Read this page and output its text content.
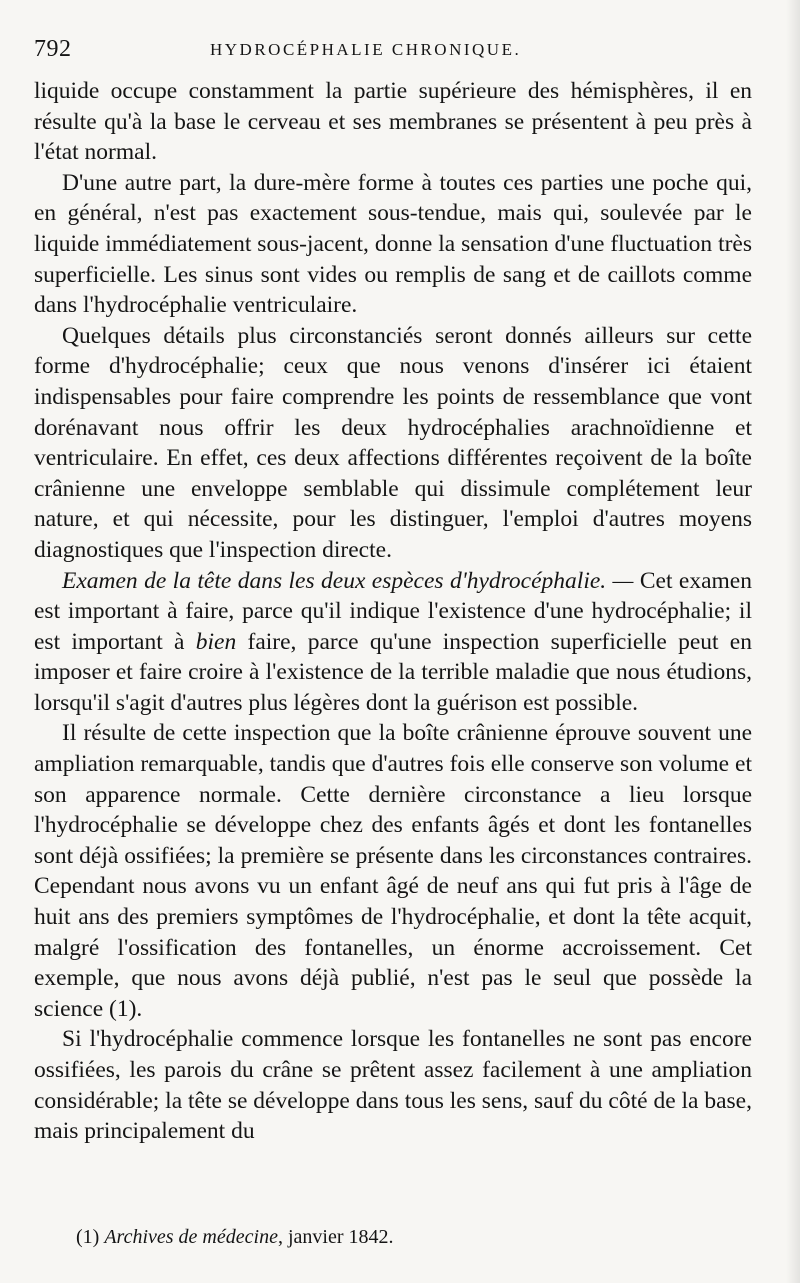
792	HYDROCÉPHALIE CHRONIQUE.

liquide occupe constamment la partie supérieure des hémisphères, il en résulte qu'à la base le cerveau et ses membranes se présentent à peu près à l'état normal.

D'une autre part, la dure-mère forme à toutes ces parties une poche qui, en général, n'est pas exactement sous-tendue, mais qui, soulevée par le liquide immédiatement sous-jacent, donne la sensation d'une fluctuation très superficielle. Les sinus sont vides ou remplis de sang et de caillots comme dans l'hydrocéphalie ventriculaire.

Quelques détails plus circonstanciés seront donnés ailleurs sur cette forme d'hydrocéphalie; ceux que nous venons d'insérer ici étaient indispensables pour faire comprendre les points de ressemblance que vont dorénavant nous offrir les deux hydrocéphalies arachnoïdienne et ventriculaire. En effet, ces deux affections différentes reçoivent de la boîte crânienne une enveloppe semblable qui dissimule complétement leur nature, et qui nécessite, pour les distinguer, l'emploi d'autres moyens diagnostiques que l'inspection directe.

Examen de la tête dans les deux espèces d'hydrocéphalie. — Cet examen est important à faire, parce qu'il indique l'existence d'une hydrocéphalie; il est important à bien faire, parce qu'une inspection superficielle peut en imposer et faire croire à l'existence de la terrible maladie que nous étudions, lorsqu'il s'agit d'autres plus légères dont la guérison est possible.

Il résulte de cette inspection que la boîte crânienne éprouve souvent une ampliation remarquable, tandis que d'autres fois elle conserve son volume et son apparence normale. Cette dernière circonstance a lieu lorsque l'hydrocéphalie se développe chez des enfants âgés et dont les fontanelles sont déjà ossifiées; la première se présente dans les circonstances contraires. Cependant nous avons vu un enfant âgé de neuf ans qui fut pris à l'âge de huit ans des premiers symptômes de l'hydrocéphalie, et dont la tête acquit, malgré l'ossification des fontanelles, un énorme accroissement. Cet exemple, que nous avons déjà publié, n'est pas le seul que possède la science (1).

Si l'hydrocéphalie commence lorsque les fontanelles ne sont pas encore ossifiées, les parois du crâne se prêtent assez facilement à une ampliation considérable; la tête se développe dans tous les sens, sauf du côté de la base, mais principalement du

(1) Archives de médecine, janvier 1842.
